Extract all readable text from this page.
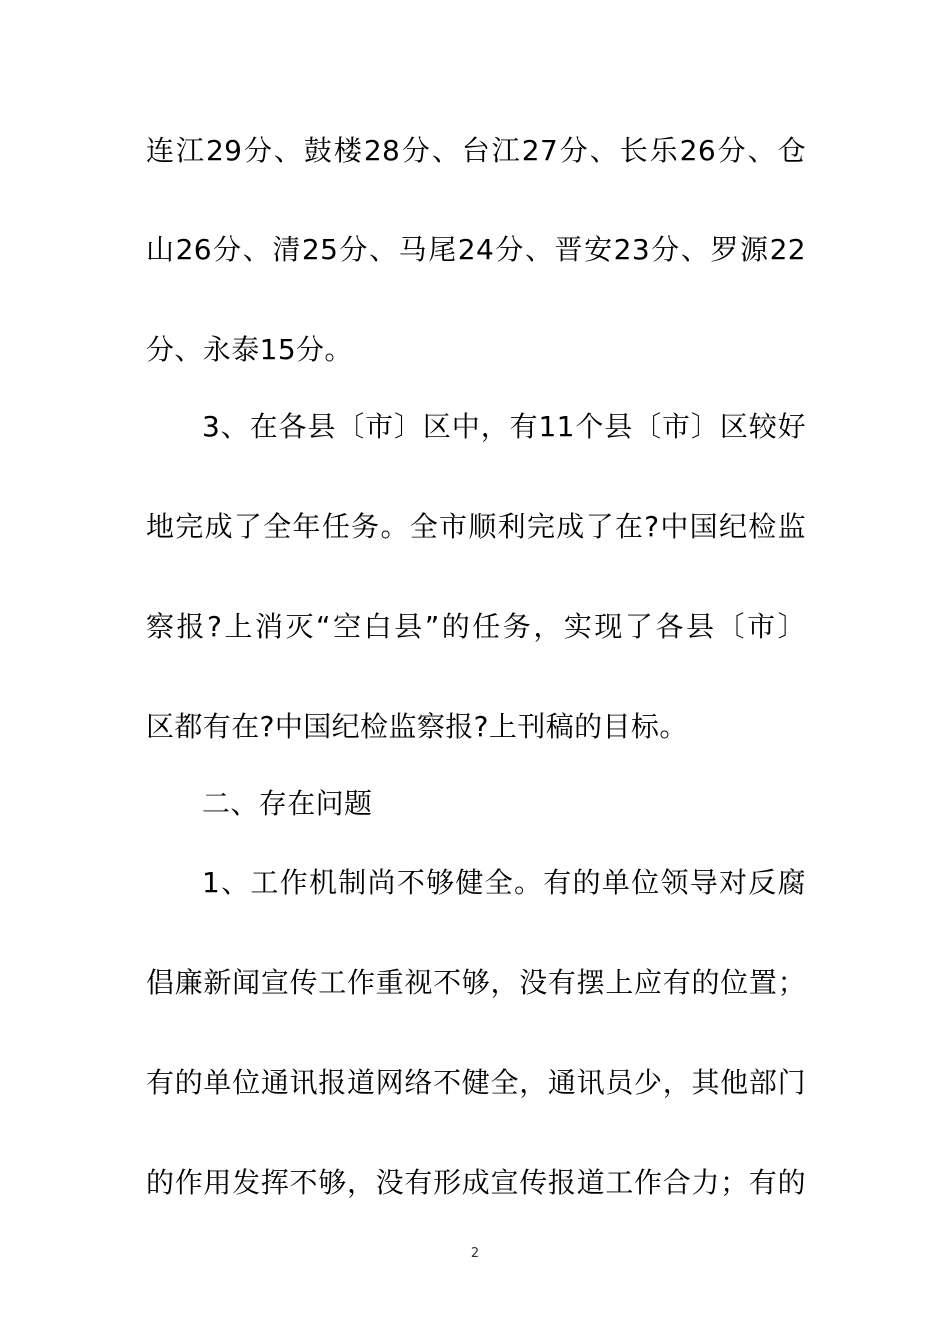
连江29分、鼓楼28分、台江27分、长乐26分、仓
山26分、清25分、马尾24分、晋安23分、罗源22
分、永泰15分。
3、在各县〔市〕区中，有11个县〔市〕区较好
地完成了全年任务。全市顺利完成了在?中国纪检监
察报?上消灭“空白县”的任务，实现了各县〔市〕
区都有在?中国纪检监察报?上刊稿的目标。
二、存在问题
1、工作机制尚不够健全。有的单位领导对反腐
倡廉新闻宣传工作重视不够，没有摆上应有的位置；
有的单位通讯报道网络不健全，通讯员少，其他部门
的作用发挥不够，没有形成宣传报道工作合力；有的
2
